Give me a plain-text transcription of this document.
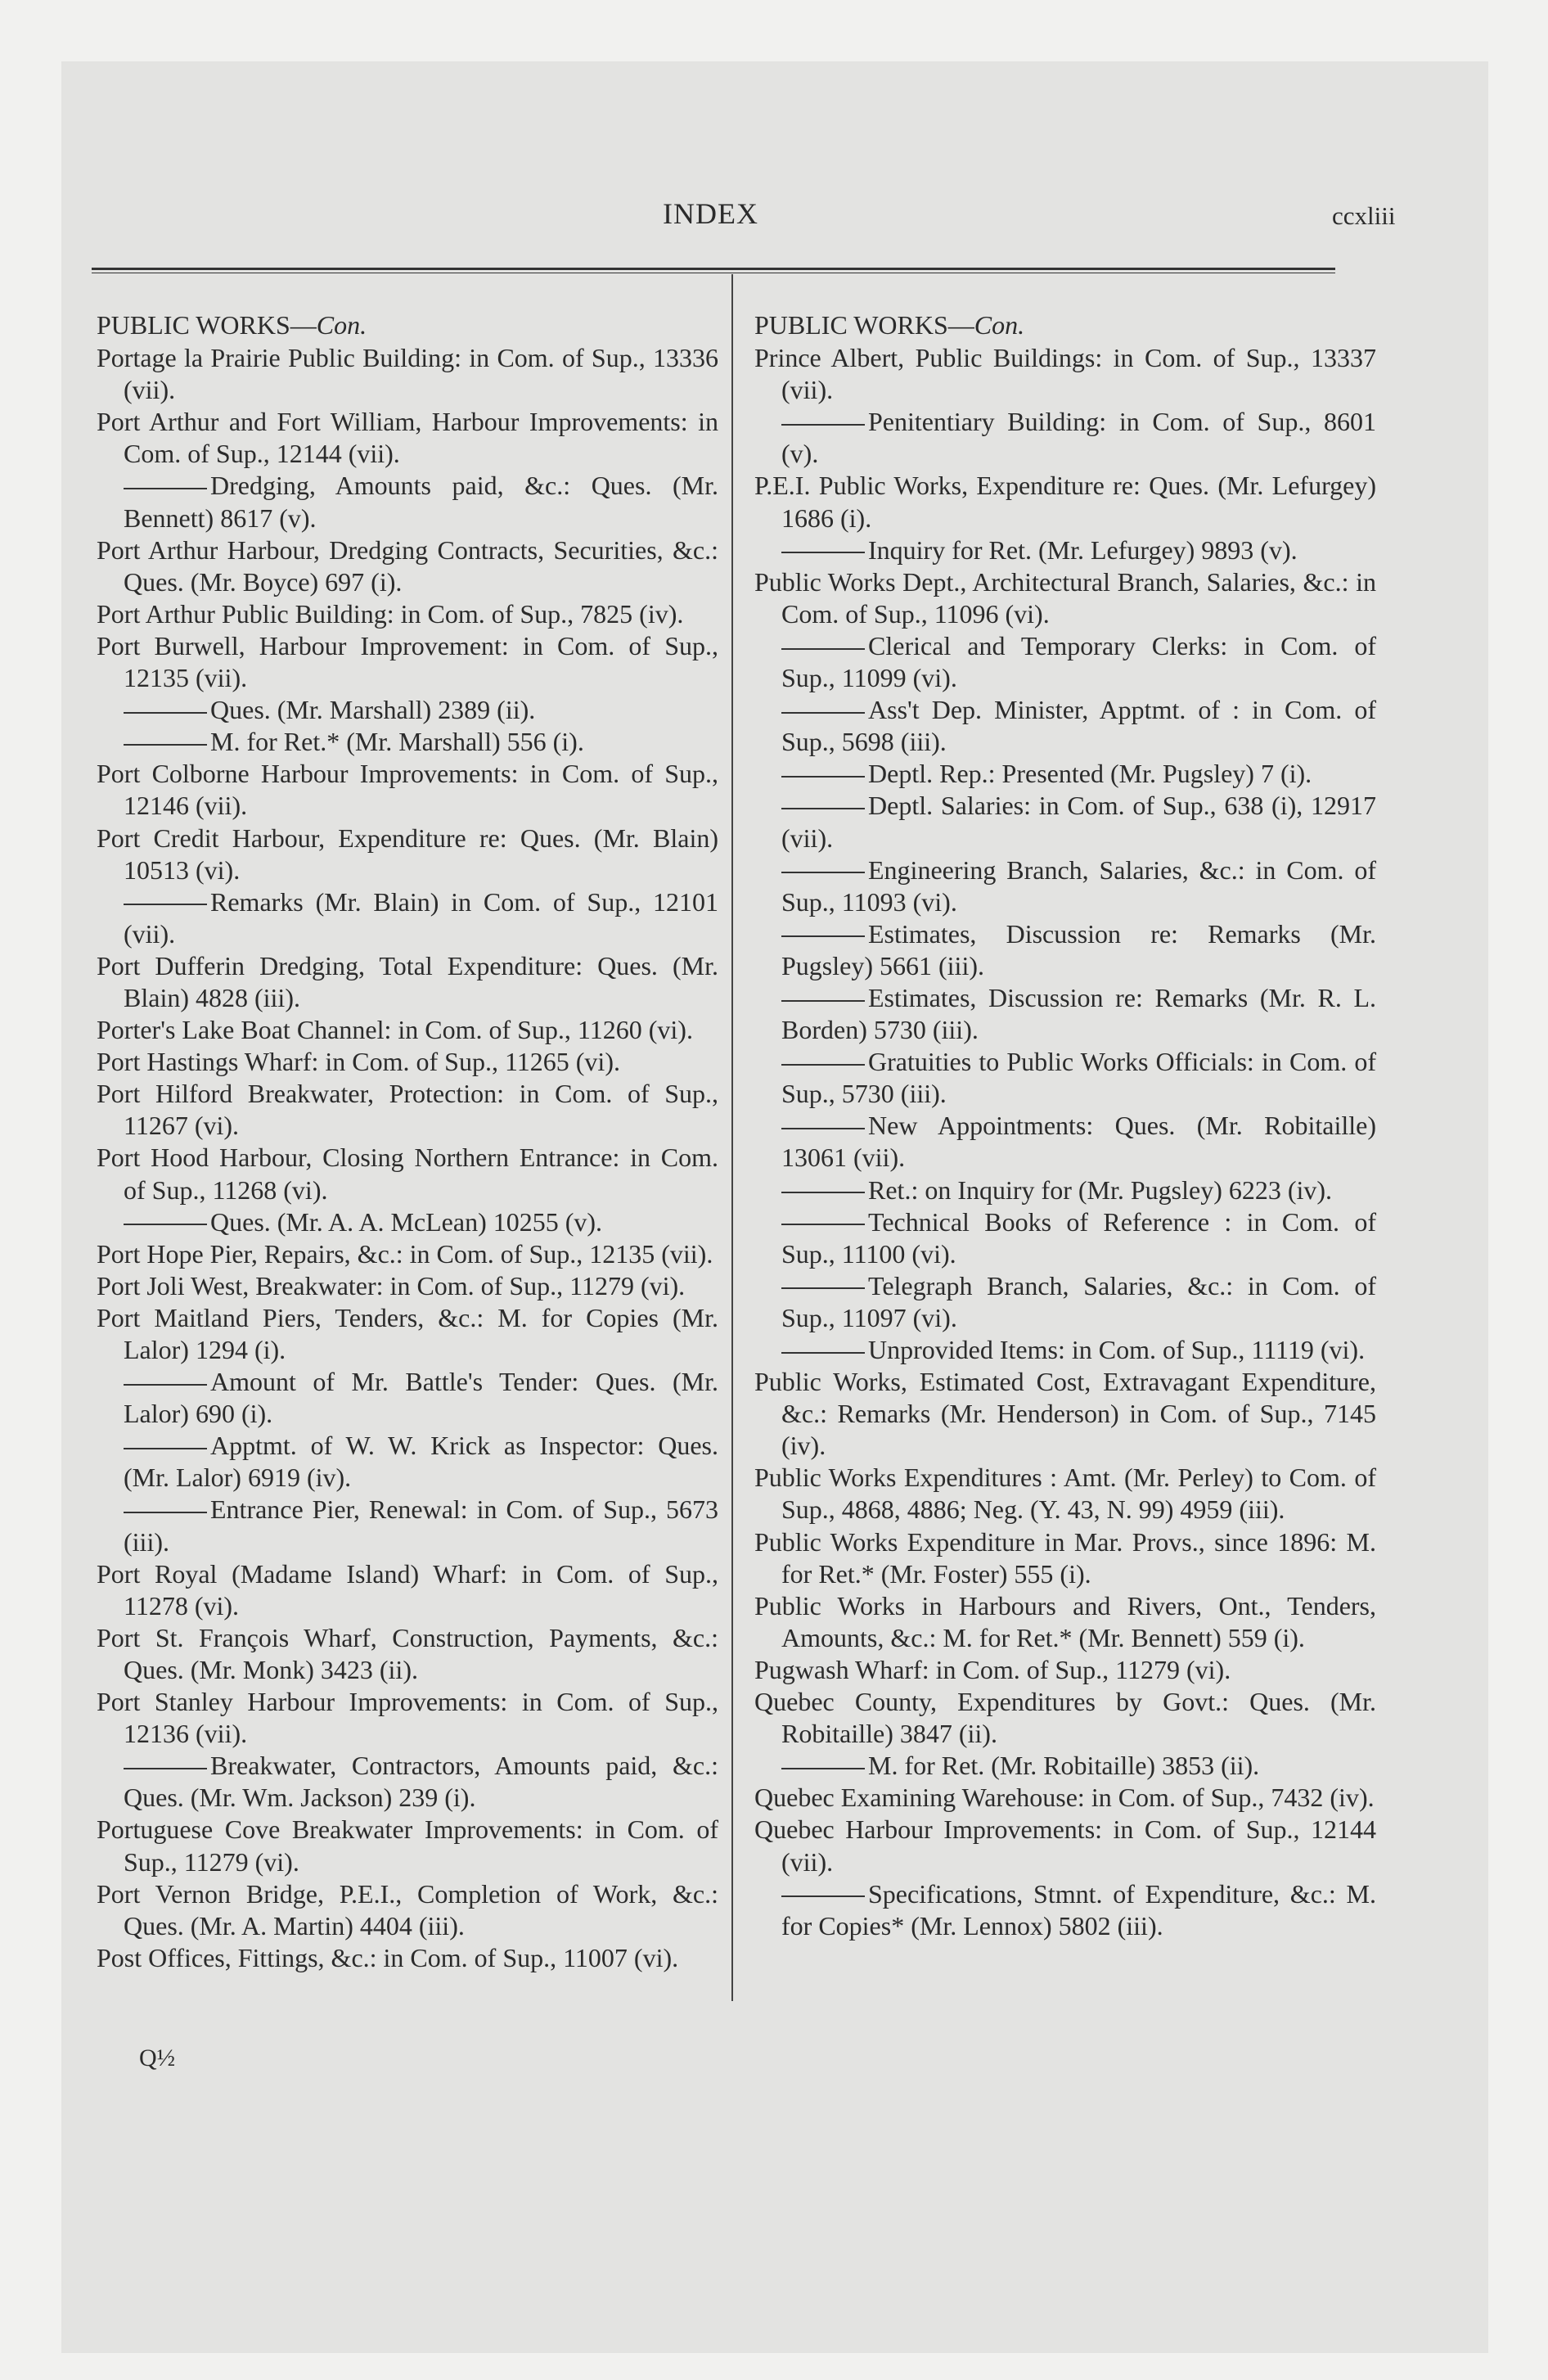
INDEX	ccxliii

PUBLIC WORKS—Con.

Portage la Prairie Public Building: in Com. of Sup., 13336 (vii).

Port Arthur and Fort William, Harbour Improvements: in Com. of Sup., 12144 (vii).

Dredging, Amounts paid, &c.: Ques. (Mr. Bennett) 8617 (v).

Port Arthur Harbour, Dredging Contracts, Securities, &c.: Ques. (Mr. Boyce) 697 (i).

Port Arthur Public Building: in Com. of Sup., 7825 (iv).

Port Burwell, Harbour Improvement: in Com. of Sup., 12135 (vii).

Ques. (Mr. Marshall) 2389 (ii).

M. for Ret.* (Mr. Marshall) 556 (i).

Port Colborne Harbour Improvements: in Com. of Sup., 12146 (vii).

Port Credit Harbour, Expenditure re: Ques. (Mr. Blain) 10513 (vi).

Remarks (Mr. Blain) in Com. of Sup., 12101 (vii).

Port Dufferin Dredging, Total Expenditure: Ques. (Mr. Blain) 4828 (iii).

Porter's Lake Boat Channel: in Com. of Sup., 11260 (vi).

Port Hastings Wharf: in Com. of Sup., 11265 (vi).

Port Hilford Breakwater, Protection: in Com. of Sup., 11267 (vi).

Port Hood Harbour, Closing Northern Entrance: in Com. of Sup., 11268 (vi).

Ques. (Mr. A. A. McLean) 10255 (v).

Port Hope Pier, Repairs, &c.: in Com. of Sup., 12135 (vii).

Port Joli West, Breakwater: in Com. of Sup., 11279 (vi).

Port Maitland Piers, Tenders, &c.: M. for Copies (Mr. Lalor) 1294 (i).

Amount of Mr. Battle's Tender: Ques. (Mr. Lalor) 690 (i).

Apptmt. of W. W. Krick as Inspector: Ques. (Mr. Lalor) 6919 (iv).

Entrance Pier, Renewal: in Com. of Sup., 5673 (iii).

Port Royal (Madame Island) Wharf: in Com. of Sup., 11278 (vi).

Port St. François Wharf, Construction, Payments, &c.: Ques. (Mr. Monk) 3423 (ii).

Port Stanley Harbour Improvements: in Com. of Sup., 12136 (vii).

Breakwater, Contractors, Amounts paid, &c.: Ques. (Mr. Wm. Jackson) 239 (i).

Portuguese Cove Breakwater Improvements: in Com. of Sup., 11279 (vi).

Port Vernon Bridge, P.E.I., Completion of Work, &c.: Ques. (Mr. A. Martin) 4404 (iii).

Post Offices, Fittings, &c.: in Com. of Sup., 11007 (vi).

PUBLIC WORKS—Con.

Prince Albert, Public Buildings: in Com. of Sup., 13337 (vii).

Penitentiary Building: in Com. of Sup., 8601 (v).

P.E.I. Public Works, Expenditure re: Ques. (Mr. Lefurgey) 1686 (i).

Inquiry for Ret. (Mr. Lefurgey) 9893 (v).

Public Works Dept., Architectural Branch, Salaries, &c.: in Com. of Sup., 11096 (vi).

Clerical and Temporary Clerks: in Com. of Sup., 11099 (vi).

Ass't Dep. Minister, Apptmt. of : in Com. of Sup., 5698 (iii).

Deptl. Rep.: Presented (Mr. Pugsley) 7 (i).

Deptl. Salaries: in Com. of Sup., 638 (i), 12917 (vii).

Engineering Branch, Salaries, &c.: in Com. of Sup., 11093 (vi).

Estimates, Discussion re: Remarks (Mr. Pugsley) 5661 (iii).

Estimates, Discussion re: Remarks (Mr. R. L. Borden) 5730 (iii).

Gratuities to Public Works Officials: in Com. of Sup., 5730 (iii).

New Appointments: Ques. (Mr. Robitaille) 13061 (vii).

Ret.: on Inquiry for (Mr. Pugsley) 6223 (iv).

Technical Books of Reference : in Com. of Sup., 11100 (vi).

Telegraph Branch, Salaries, &c.: in Com. of Sup., 11097 (vi).

Unprovided Items: in Com. of Sup., 11119 (vi).

Public Works, Estimated Cost, Extravagant Expenditure, &c.: Remarks (Mr. Henderson) in Com. of Sup., 7145 (iv).

Public Works Expenditures : Amt. (Mr. Perley) to Com. of Sup., 4868, 4886; Neg. (Y. 43, N. 99) 4959 (iii).

Public Works Expenditure in Mar. Provs., since 1896: M. for Ret.* (Mr. Foster) 555 (i).

Public Works in Harbours and Rivers, Ont., Tenders, Amounts, &c.: M. for Ret.* (Mr. Bennett) 559 (i).

Pugwash Wharf: in Com. of Sup., 11279 (vi).

Quebec County, Expenditures by Govt.: Ques. (Mr. Robitaille) 3847 (ii).

M. for Ret. (Mr. Robitaille) 3853 (ii).

Quebec Examining Warehouse: in Com. of Sup., 7432 (iv).

Quebec Harbour Improvements: in Com. of Sup., 12144 (vii).

Specifications, Stmnt. of Expenditure, &c.: M. for Copies* (Mr. Lennox) 5802 (iii).

Q½
